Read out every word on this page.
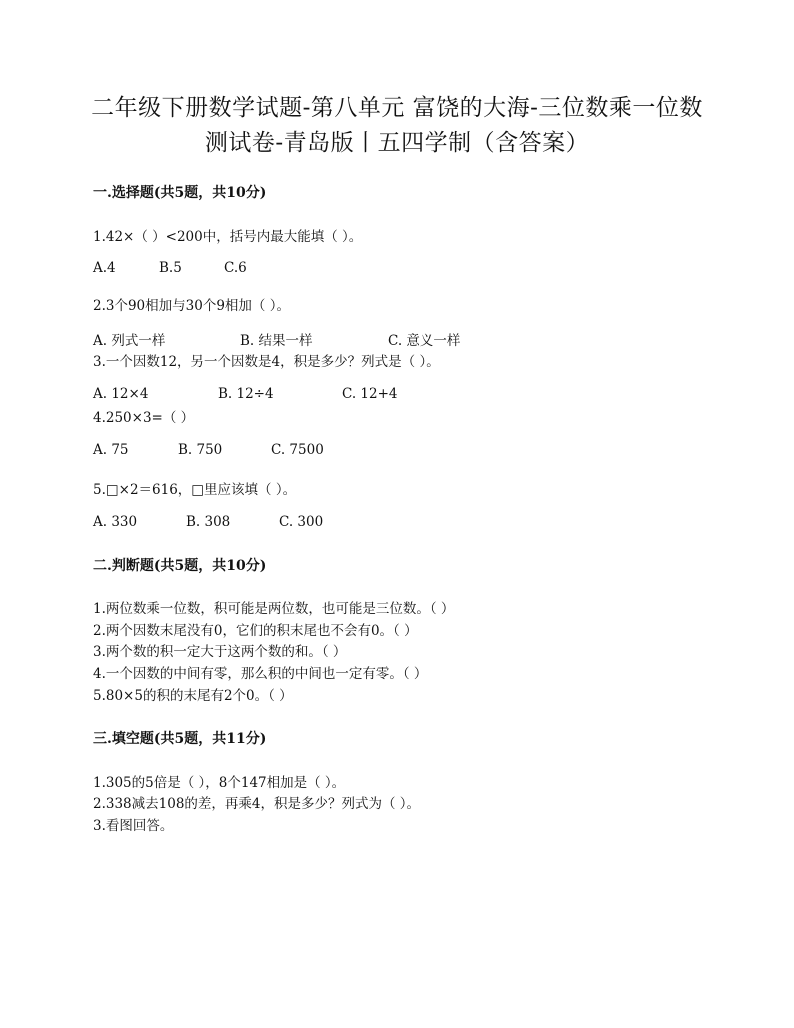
二年级下册数学试题-第八单元 富饶的大海-三位数乘一位数
测试卷-青岛版丨五四学制（含答案）
一.选择题(共5题，共10分)
1.42×（ ）<200中，括号内最大能填（ ）。
A.4	B.5	C.6
2.3个90相加与30个9相加（ ）。
A. 列式一样	B. 结果一样	C. 意义一样
3.一个因数12，另一个因数是4，积是多少？列式是（ ）。
A. 12×4	B. 12÷4	C. 12+4
4.250×3=（ ）
A. 75	B. 750	C. 7500
5.□×2＝616，□里应该填（ ）。
A. 330	B. 308	C. 300
二.判断题(共5题，共10分)
1.两位数乘一位数，积可能是两位数，也可能是三位数。（ ）
2.两个因数末尾没有0，它们的积末尾也不会有0。（ ）
3.两个数的积一定大于这两个数的和。（ ）
4.一个因数的中间有零，那么积的中间也一定有零。（ ）
5.80×5的积的末尾有2个0。（ ）
三.填空题(共5题，共11分)
1.305的5倍是（ ），8个147相加是（ ）。
2.338减去108的差，再乘4，积是多少？列式为（ ）。
3.看图回答。
